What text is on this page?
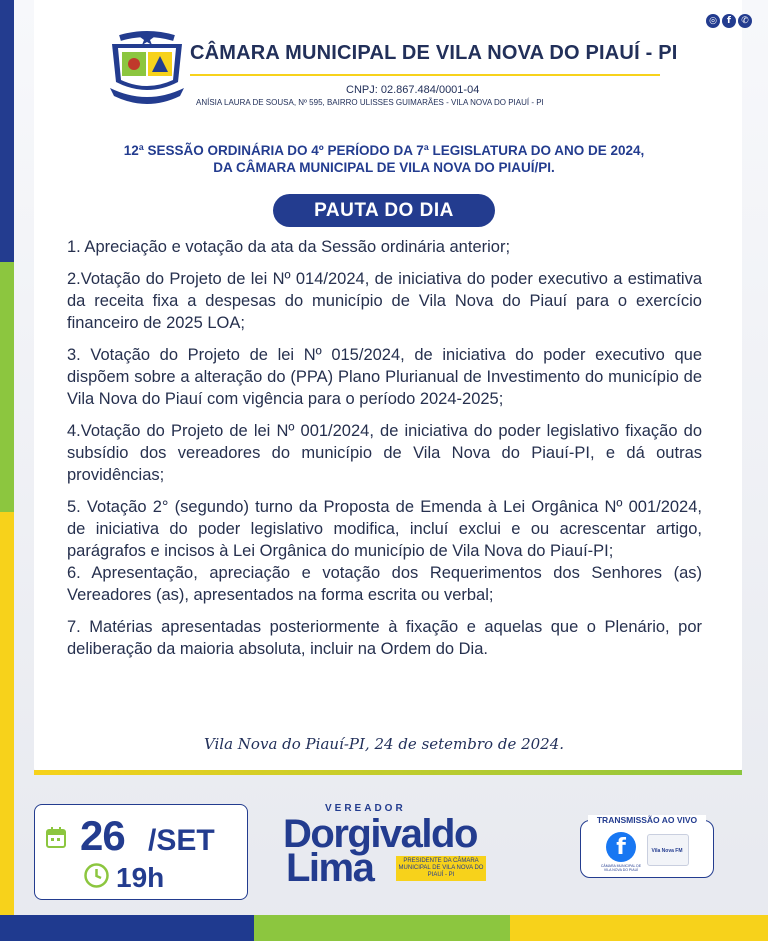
◎	f	✆
CÂMARA MUNICIPAL DE VILA NOVA DO PIAUÍ - PI
CNPJ: 02.867.484/0001-04
ANÍSIA LAURA DE SOUSA, Nº 595, BAIRRO ULISSES GUIMARÃES - VILA NOVA DO PIAUÍ - PI
12ª SESSÃO ORDINÁRIA DO 4º PERÍODO DA 7ª LEGISLATURA DO ANO DE 2024,
DA CÂMARA MUNICIPAL DE VILA NOVA DO PIAUÍ/PI.
PAUTA DO DIA
1. Apreciação e votação da ata da Sessão ordinária anterior;
2.Votação do Projeto de lei Nº 014/2024, de iniciativa do poder executivo a estimativa da receita fixa a despesas do município de Vila Nova do Piauí para o exercício financeiro de 2025 LOA;
3. Votação do Projeto de lei Nº 015/2024, de iniciativa do poder executivo que dispõem sobre a alteração do (PPA) Plano Plurianual de Investimento do município de Vila Nova do Piauí com vigência para o período 2024-2025;
4.Votação do Projeto de lei Nº 001/2024, de iniciativa do poder legislativo fixação do subsídio dos vereadores do município de Vila Nova do Piauí-PI, e dá outras providências;
5. Votação 2° (segundo) turno da Proposta de Emenda à Lei Orgânica Nº 001/2024, de iniciativa do poder legislativo modifica, incluí exclui e ou acrescentar artigo, parágrafos e incisos à Lei Orgânica do município de Vila Nova do Piauí-PI;
6. Apresentação, apreciação e votação dos Requerimentos dos Senhores (as) Vereadores (as), apresentados na forma escrita ou verbal;
7. Matérias apresentadas posteriormente à fixação e aquelas que o Plenário, por deliberação da maioria absoluta, incluir na Ordem do Dia.
Vila Nova do Piauí-PI, 24 de setembro de 2024.
26 /SET
19h
VEREADOR
Dorgivaldo
Lima	PRESIDENTE DA CÂMARA MUNICIPAL DE VILA NOVA DO PIAUÍ - PI
TRANSMISSÃO AO VIVO
f
CÂMARA MUNICIPAL DE VILA NOVA DO PIAUÍ
Vila Nova FM
